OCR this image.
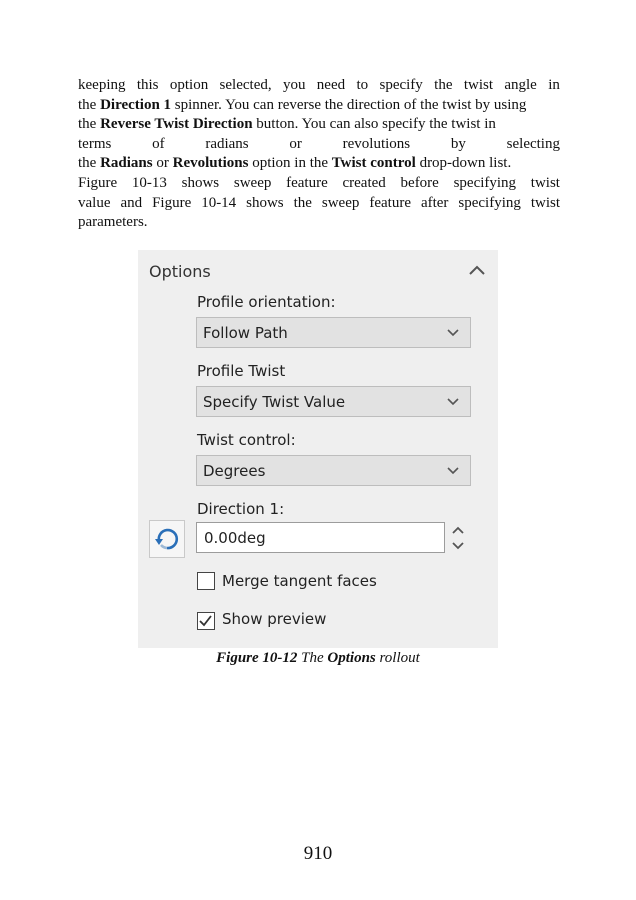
keeping this option selected, you need to specify the twist angle in
the Direction 1 spinner. You can reverse the direction of the twist by using
the Reverse Twist Direction button. You can also specify the twist in
terms	of	radians	or	revolutions	by	selecting
the Radians or Revolutions option in the Twist control drop-down list.
Figure 10-13 shows sweep feature created before specifying twist
value and Figure 10-14 shows the sweep feature after specifying twist
parameters.
Options
Profile orientation:
Follow Path
Profile Twist
Specify Twist Value
Twist control:
Degrees
Direction 1:
0.00deg
Merge tangent faces
Show preview
Figure 10-12 The Options rollout
910
